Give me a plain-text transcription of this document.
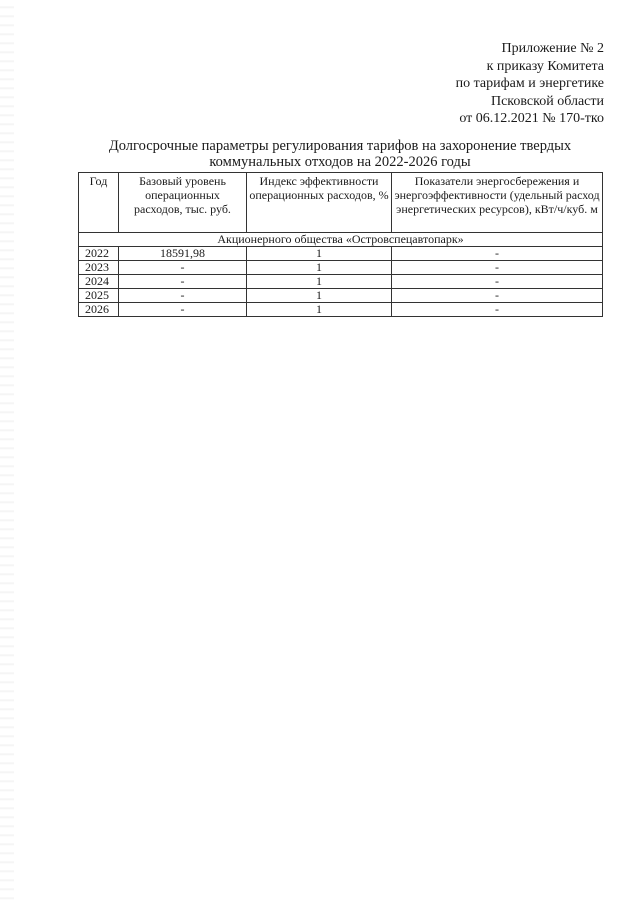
Приложение № 2
к приказу Комитета
по тарифам и энергетике
Псковской области
от 06.12.2021 № 170-тко
Долгосрочные параметры регулирования тарифов на захоронение твердых
коммунальных отходов на 2022-2026 годы
Год	Базовый уровень операционных расходов, тыс. руб.	Индекс эффективности операционных расходов, %	Показатели энергосбережения и энергоэффективности (удельный расход энергетических ресурсов), кВт/ч/куб. м
Акционерного общества «Островспецавтопарк»			
2022	18591,98	1	-
2023	-	1	-
2024	-	1	-
2025	-	1	-
2026	-	1	-
